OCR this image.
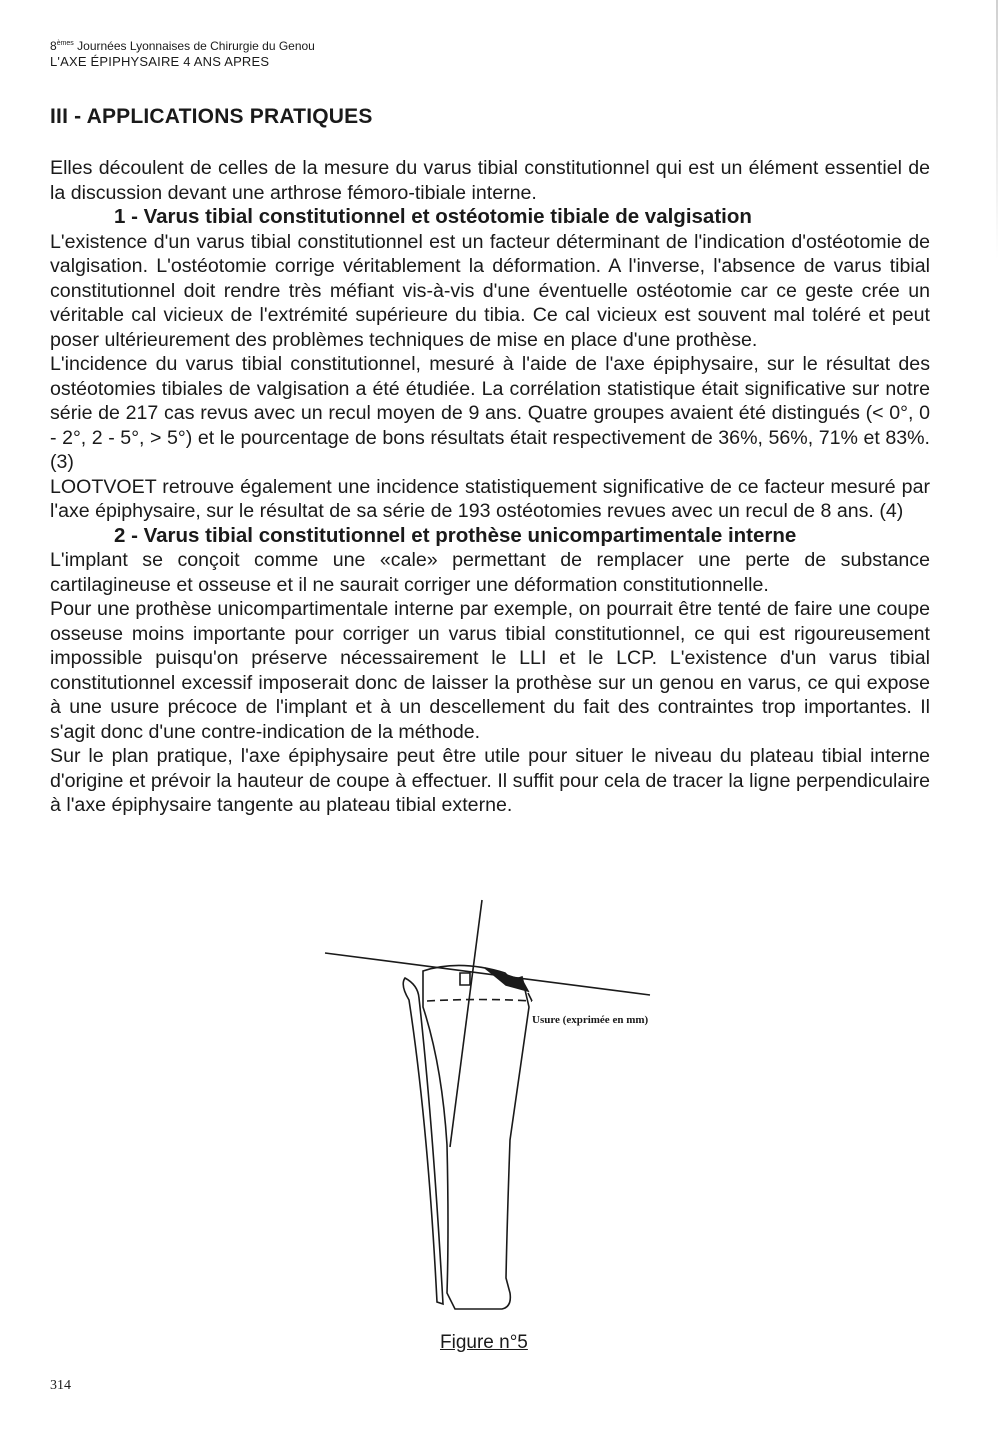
8èmes Journées Lyonnaises de Chirurgie du Genou
L'AXE ÉPIPHYSAIRE 4 ANS APRES
III - APPLICATIONS PRATIQUES

Elles découlent de celles de la mesure du varus tibial constitutionnel qui est un élément essentiel de la discussion devant une arthrose fémoro-tibiale interne.

1 - Varus tibial constitutionnel et ostéotomie tibiale de valgisation

L'existence d'un varus tibial constitutionnel est un facteur déterminant de l'indication d'ostéotomie de valgisation. L'ostéotomie corrige véritablement la déformation. A l'inverse, l'absence de varus tibial constitutionnel doit rendre très méfiant vis-à-vis d'une éventuelle ostéotomie car ce geste crée un véritable cal vicieux de l'extrémité supérieure du tibia. Ce cal vicieux est souvent mal toléré et peut poser ultérieurement des problèmes techniques de mise en place d'une prothèse.

L'incidence du varus tibial constitutionnel, mesuré à l'aide de l'axe épiphysaire, sur le résultat des ostéotomies tibiales de valgisation a été étudiée. La corrélation statistique était significative sur notre série de 217 cas revus avec un recul moyen de 9 ans. Quatre groupes avaient été distingués (< 0°, 0 - 2°, 2 - 5°, > 5°) et le pourcentage de bons résultats était respectivement de 36%, 56%, 71% et 83%. (3)

LOOTVOET retrouve également une incidence statistiquement significative de ce facteur mesuré par l'axe épiphysaire, sur le résultat de sa série de 193 ostéotomies revues avec un recul de 8 ans. (4)

2 - Varus tibial constitutionnel et prothèse unicompartimentale interne

L'implant se conçoit comme une «cale» permettant de remplacer une perte de substance cartilagineuse et osseuse et il ne saurait corriger une déformation constitutionnelle.

Pour une prothèse unicompartimentale interne par exemple, on pourrait être tenté de faire une coupe osseuse moins importante pour corriger un varus tibial constitutionnel, ce qui est rigoureusement impossible puisqu'on préserve nécessairement le LLI et le LCP. L'existence d'un varus tibial constitutionnel excessif imposerait donc de laisser la prothèse sur un genou en varus, ce qui expose à une usure précoce de l'implant et à un descellement du fait des contraintes trop importantes. Il s'agit donc d'une contre-indication de la méthode.

Sur le plan pratique, l'axe épiphysaire peut être utile pour situer le niveau du plateau tibial interne d'origine et prévoir la hauteur de coupe à effectuer. Il suffit pour cela de tracer la ligne perpendiculaire à l'axe épiphysaire tangente au plateau tibial externe.

Usure (exprimée en mm)
Figure n°5
314
